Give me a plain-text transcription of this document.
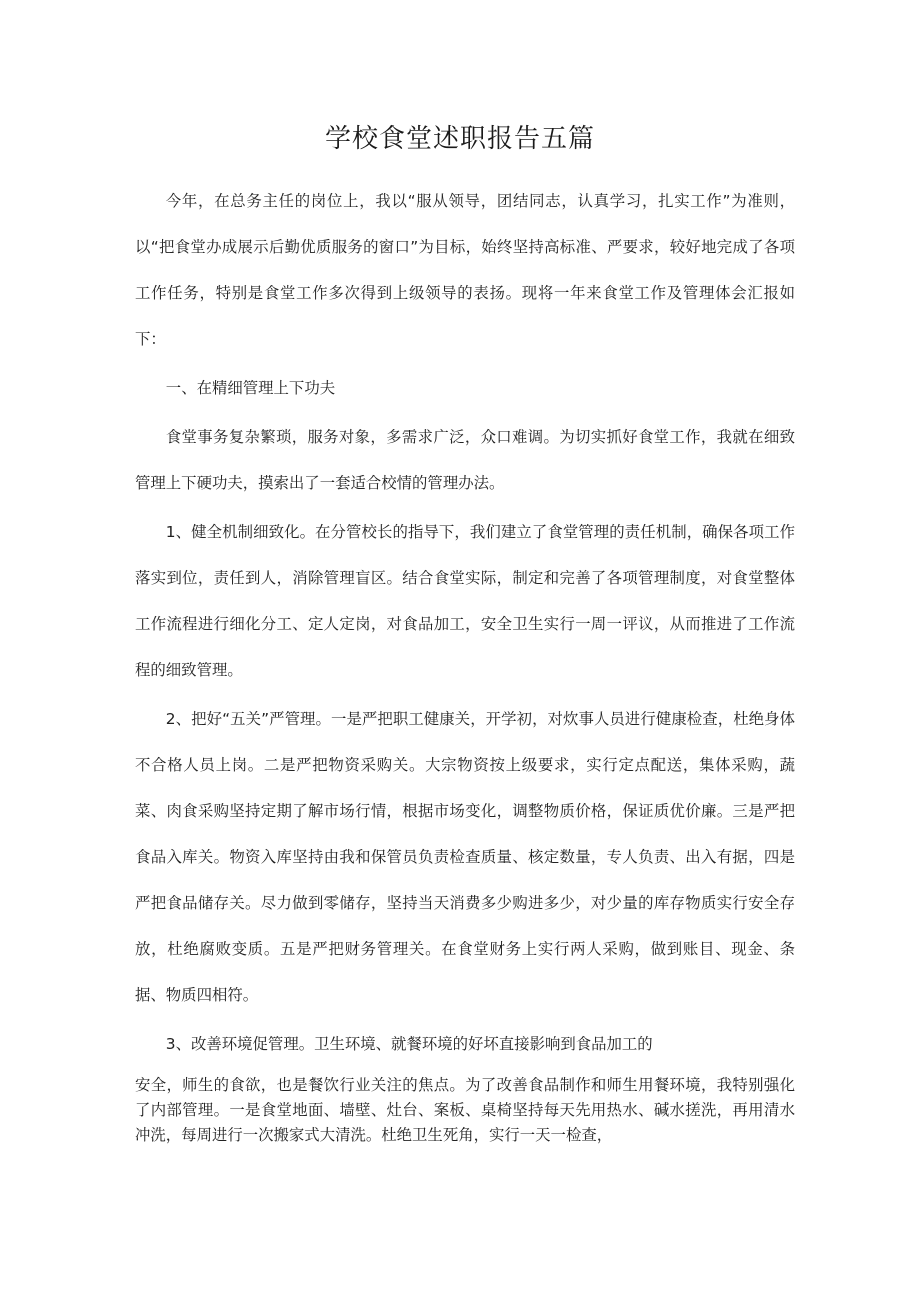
学校食堂述职报告五篇

今年，在总务主任的岗位上，我以“服从领导，团结同志，认真学习，扎实工作”为准则，以“把食堂办成展示后勤优质服务的窗口”为目标，始终坚持高标准、严要求，较好地完成了各项工作任务，特别是食堂工作多次得到上级领导的表扬。现将一年来食堂工作及管理体会汇报如下：

一、在精细管理上下功夫

食堂事务复杂繁琐，服务对象，多需求广泛，众口难调。为切实抓好食堂工作，我就在细致管理上下硬功夫，摸索出了一套适合校情的管理办法。

1、健全机制细致化。在分管校长的指导下，我们建立了食堂管理的责任机制，确保各项工作落实到位，责任到人，消除管理盲区。结合食堂实际，制定和完善了各项管理制度，对食堂整体工作流程进行细化分工、定人定岗，对食品加工，安全卫生实行一周一评议，从而推进了工作流程的细致管理。

2、把好“五关”严管理。一是严把职工健康关，开学初，对炊事人员进行健康检查，杜绝身体不合格人员上岗。二是严把物资采购关。大宗物资按上级要求，实行定点配送，集体采购，蔬菜、肉食采购坚持定期了解市场行情，根据市场变化，调整物质价格，保证质优价廉。三是严把食品入库关。物资入库坚持由我和保管员负责检查质量、核定数量，专人负责、出入有据，四是严把食品储存关。尽力做到零储存，坚持当天消费多少购进多少，对少量的库存物质实行安全存放，杜绝腐败变质。五是严把财务管理关。在食堂财务上实行两人采购，做到账目、现金、条据、物质四相符。

3、改善环境促管理。卫生环境、就餐环境的好坏直接影响到食品加工的

安全，师生的食欲，也是餐饮行业关注的焦点。为了改善食品制作和师生用餐环境，我特别强化了内部管理。一是食堂地面、墙壁、灶台、案板、桌椅坚持每天先用热水、碱水搓洗，再用清水冲洗，每周进行一次搬家式大清洗。杜绝卫生死角，实行一天一检查，
